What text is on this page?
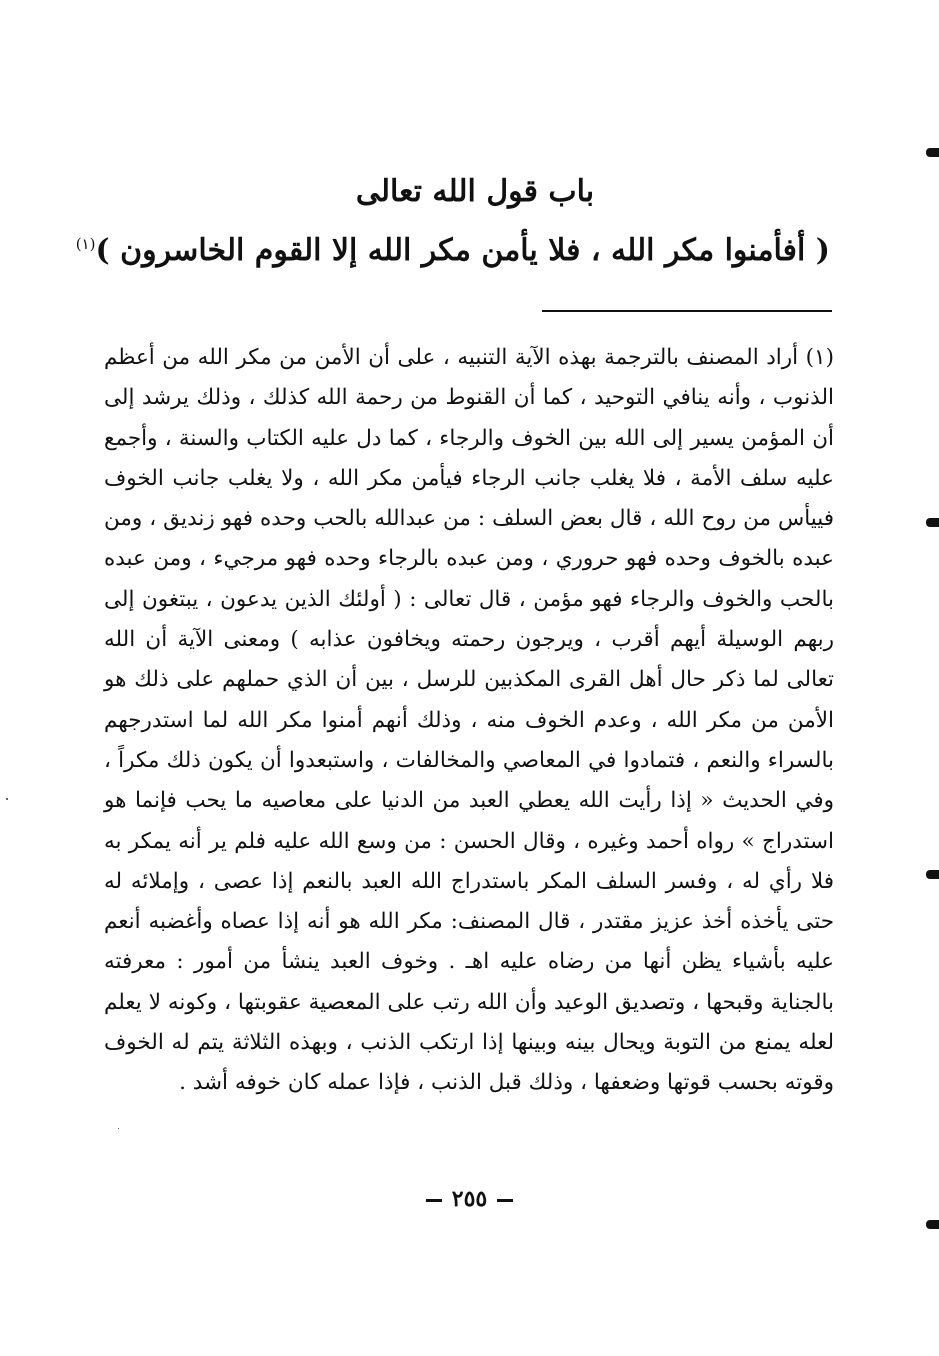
باب قول الله تعالى
( أفأمنوا مكر الله ، فلا يأمن مكر الله إلا القوم الخاسرون )$^{(١)}$

(١) أراد المصنف بالترجمة بهذه الآية التنبيه ، على أن الأمن من مكر الله من أعظم الذنوب ، وأنه ينافي التوحيد ، كما أن القنوط من رحمة الله كذلك ، وذلك يرشد إلى أن المؤمن يسير إلى الله بين الخوف والرجاء ، كما دل عليه الكتاب والسنة ، وأجمع عليه سلف الأمة ، فلا يغلب جانب الرجاء فيأمن مكر الله ، ولا يغلب جانب الخوف فييأس من روح الله ، قال بعض السلف : من عبدالله بالحب وحده فهو زنديق ، ومن عبده بالخوف وحده فهو حروري ، ومن عبده بالرجاء وحده فهو مرجيء ، ومن عبده بالحب والخوف والرجاء فهو مؤمن ، قال تعالى : ( أولئك الذين يدعون ، يبتغون إلى ربهم الوسيلة أيهم أقرب ، ويرجون رحمته ويخافون عذابه ) ومعنى الآية أن الله تعالى لما ذكر حال أهل القرى المكذبين للرسل ، بين أن الذي حملهم على ذلك هو الأمن من مكر الله ، وعدم الخوف منه ، وذلك أنهم أمنوا مكر الله لما استدرجهم بالسراء والنعم ، فتمادوا في المعاصي والمخالفات ، واستبعدوا أن يكون ذلك مكراً ، وفي الحديث « إذا رأيت الله يعطي العبد من الدنيا على معاصيه ما يحب فإنما هو استدراج » رواه أحمد وغيره ، وقال الحسن : من وسع الله عليه فلم ير أنه يمكر به فلا رأي له ، وفسر السلف المكر باستدراج الله العبد بالنعم إذا عصى ، وإملائه له حتى يأخذه أخذ عزيز مقتدر ، قال المصنف: مكر الله هو أنه إذا عصاه وأغضبه أنعم عليه بأشياء يظن أنها من رضاه عليه اهـ . وخوف العبد ينشأ من أمور : معرفته بالجناية وقبحها ، وتصديق الوعيد وأن الله رتب على المعصية عقوبتها ، وكونه لا يعلم لعله يمنع من التوبة ويحال بينه وبينها إذا ارتكب الذنب ، وبهذه الثلاثة يتم له الخوف وقوته بحسب قوتها وضعفها ، وذلك قبل الذنب ، فإذا عمله كان خوفه أشد .

٢٥٥
